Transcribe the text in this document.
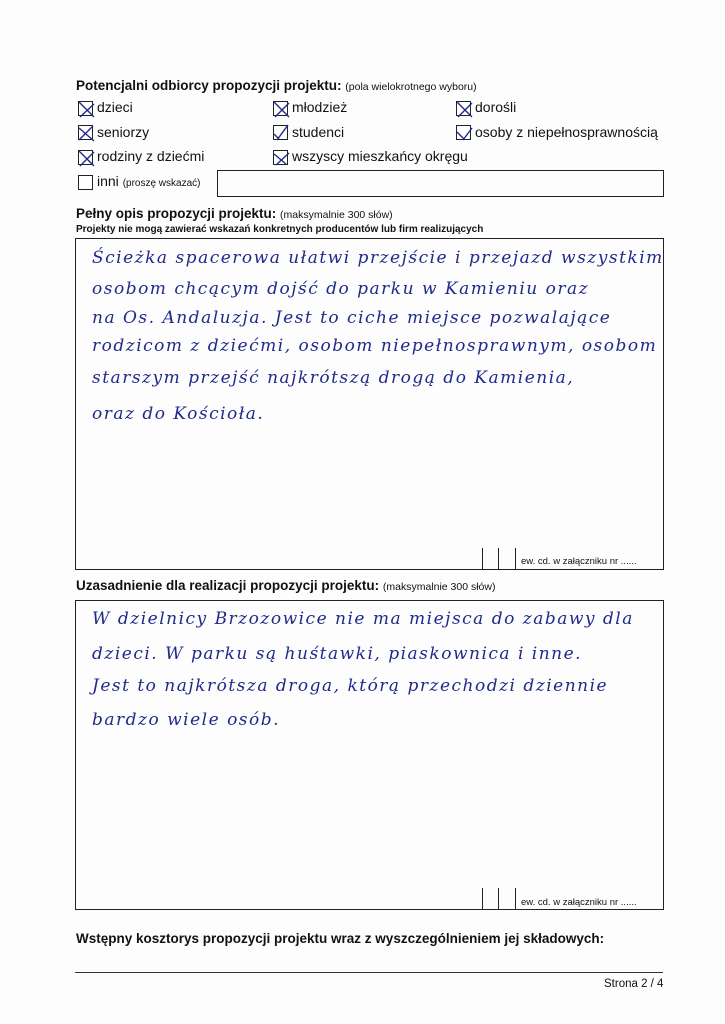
Potencjalni odbiorcy propozycji projektu: (pola wielokrotnego wyboru)
dzieci	młodzież	dorośli
seniorzy	studenci	osoby z niepełnosprawnością
rodziny z dziećmi	wszyscy mieszkańcy okręgu
inni (proszę wskazać)
Pełny opis propozycji projektu: (maksymalnie 300 słów)
Projekty nie mogą zawierać wskazań konkretnych producentów lub firm realizujących
Ścieżka spacerowa ułatwi przejście i przejazd wszystkim
osobom chcącym dojść do parku w Kamieniu oraz
na Os. Andaluzja. Jest to ciche miejsce pozwalające
rodzicom z dziećmi, osobom niepełnosprawnym, osobom
starszym przejść najkrótszą drogą do Kamienia,
oraz do Kościoła.
ew. cd. w załączniku nr ......
Uzasadnienie dla realizacji propozycji projektu: (maksymalnie 300 słów)
W dzielnicy Brzozowice nie ma miejsca do zabawy dla
dzieci. W parku są huśtawki, piaskownica i inne.
Jest to najkrótsza droga, którą przechodzi dziennie
bardzo wiele osób.
ew. cd. w załączniku nr ......
Wstępny kosztorys propozycji projektu wraz z wyszczególnieniem jej składowych:
Strona 2 / 4
